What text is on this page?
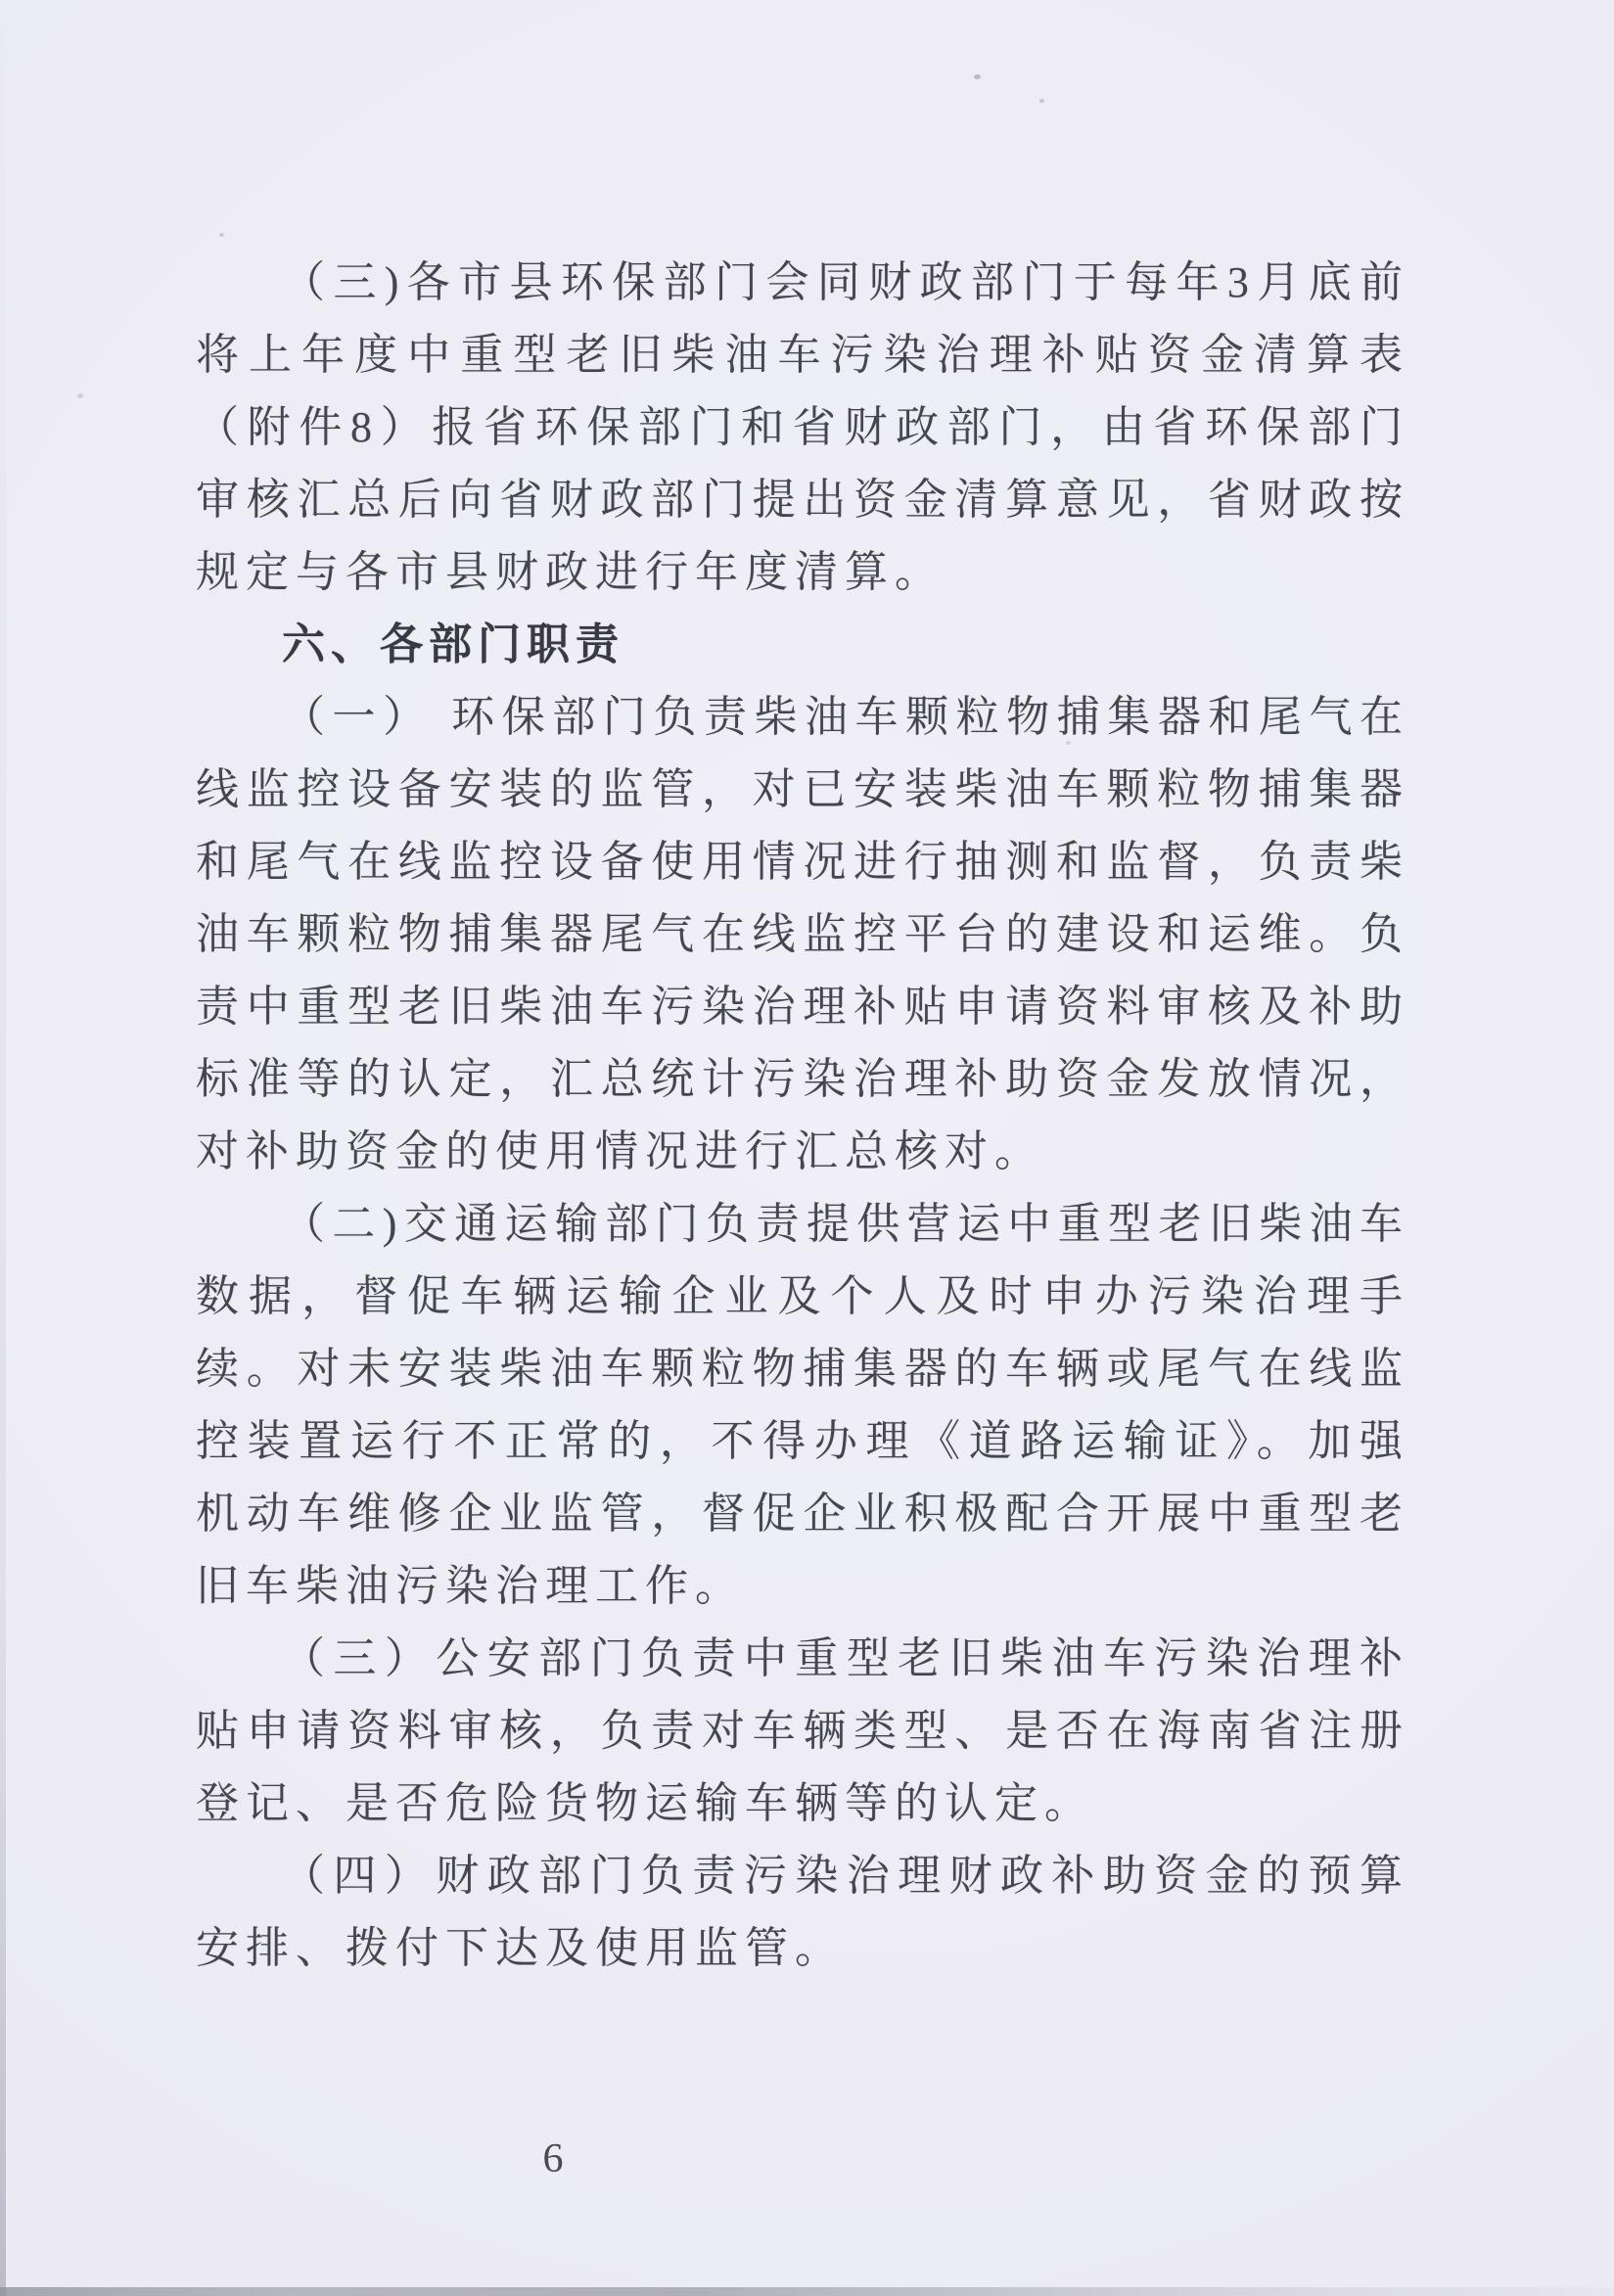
（三)各市县环保部门会同财政部门于每年3月底前将上年度中重型老旧柴油车污染治理补贴资金清算表（附件8）报省环保部门和省财政部门，由省环保部门审核汇总后向省财政部门提出资金清算意见，省财政按规定与各市县财政进行年度清算。

六、各部门职责

（一） 环保部门负责柴油车颗粒物捕集器和尾气在线监控设备安装的监管，对已安装柴油车颗粒物捕集器和尾气在线监控设备使用情况进行抽测和监督，负责柴油车颗粒物捕集器尾气在线监控平台的建设和运维。负责中重型老旧柴油车污染治理补贴申请资料审核及补助标准等的认定，汇总统计污染治理补助资金发放情况，对补助资金的使用情况进行汇总核对。

（二)交通运输部门负责提供营运中重型老旧柴油车数据，督促车辆运输企业及个人及时申办污染治理手续。对未安装柴油车颗粒物捕集器的车辆或尾气在线监控装置运行不正常的，不得办理《道路运输证》。加强机动车维修企业监管，督促企业积极配合开展中重型老旧车柴油污染治理工作。

（三）公安部门负责中重型老旧柴油车污染治理补贴申请资料审核，负责对车辆类型、是否在海南省注册登记、是否危险货物运输车辆等的认定。

（四）财政部门负责污染治理财政补助资金的预算安排、拨付下达及使用监管。

6
